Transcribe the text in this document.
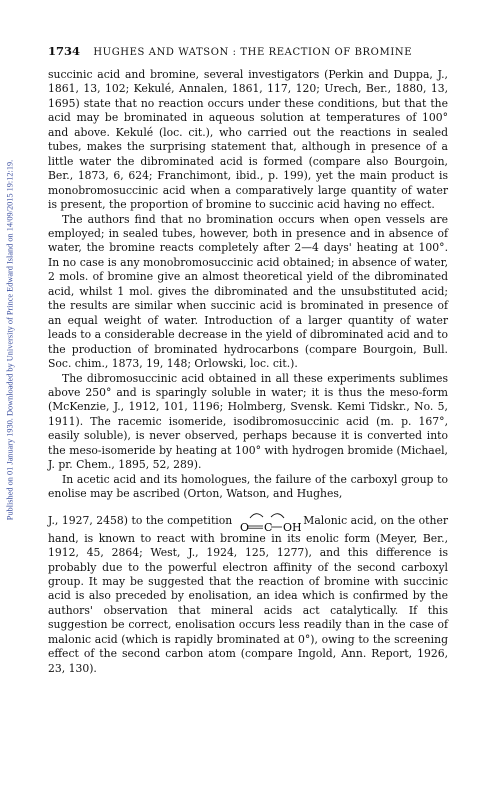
Published on 01 January 1930. Downloaded by University of Prince Edward Island on 14/09/2015 19:12:19.
1734 HUGHES AND WATSON : THE REACTION OF BROMINE

succinic acid and bromine, several investigators (Perkin and Duppa, J., 1861, 13, 102; Kekulé, Annalen, 1861, 117, 120; Urech, Ber., 1880, 13, 1695) state that no reaction occurs under these conditions, but that the acid may be brominated in aqueous solution at temperatures of 100° and above. Kekulé (loc. cit.), who carried out the reactions in sealed tubes, makes the surprising statement that, although in presence of a little water the dibrominated acid is formed (compare also Bourgoin, Ber., 1873, 6, 624; Franchimont, ibid., p. 199), yet the main product is monobromosuccinic acid when a comparatively large quantity of water is present, the proportion of bromine to succinic acid having no effect.

The authors find that no bromination occurs when open vessels are employed; in sealed tubes, however, both in presence and in absence of water, the bromine reacts completely after 2—4 days' heating at 100°. In no case is any monobromosuccinic acid obtained; in absence of water, 2 mols. of bromine give an almost theoretical yield of the dibrominated acid, whilst 1 mol. gives the dibrominated and the unsubstituted acid; the results are similar when succinic acid is brominated in presence of an equal weight of water. Introduction of a larger quantity of water leads to a considerable decrease in the yield of dibrominated acid and to the production of brominated hydrocarbons (compare Bourgoin, Bull. Soc. chim., 1873, 19, 148; Orlowski, loc. cit.).

The dibromosuccinic acid obtained in all these experiments sublimes above 250° and is sparingly soluble in water; it is thus the meso-form (McKenzie, J., 1912, 101, 1196; Holmberg, Svensk. Kemi Tidskr., No. 5, 1911). The racemic isomeride, isodibromosuccinic acid (m. p. 167°, easily soluble), is never observed, perhaps because it is converted into the meso-isomeride by heating at 100° with hydrogen bromide (Michael, J. pr. Chem., 1895, 52, 289).

In acetic acid and its homologues, the failure of the carboxyl group to enolise may be ascribed (Orton, Watson, and Hughes,

J., 1927, 2458) to the competition
O C OH
Malonic acid, on the other hand, is known to react with bromine in its enolic form (Meyer, Ber., 1912, 45, 2864; West, J., 1924, 125, 1277), and this difference is probably due to the powerful electron affinity of the second carboxyl group. It may be suggested that the reaction of bromine with succinic acid is also preceded by enolisation, an idea which is confirmed by the authors' observation that mineral acids act catalytically. If this suggestion be correct, enolisation occurs less readily than in the case of malonic acid (which is rapidly brominated at 0°), owing to the screening effect of the second carbon atom (compare Ingold, Ann. Report, 1926, 23, 130).
